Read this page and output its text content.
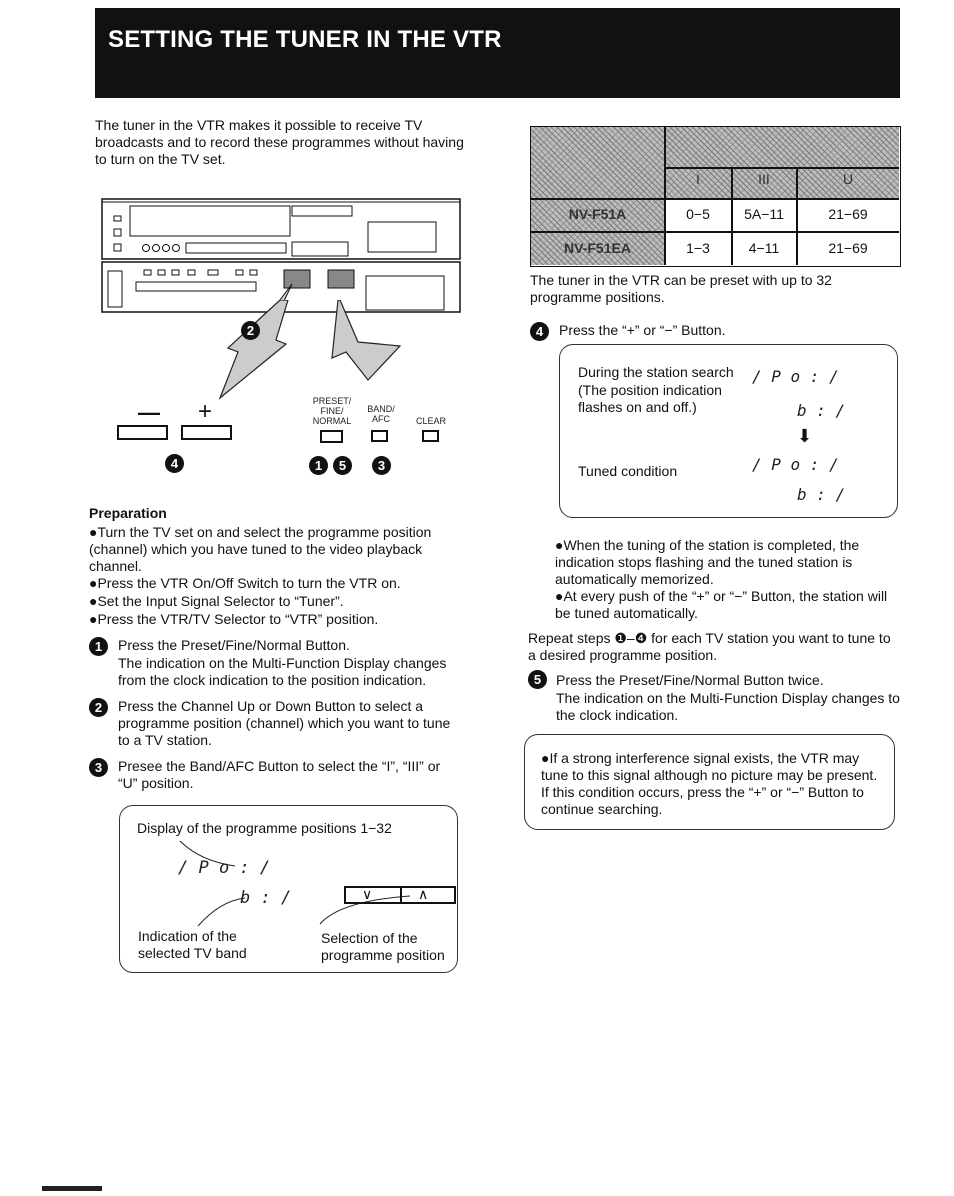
SETTING THE TUNER IN THE VTR
The tuner in the VTR makes it possible to receive TV broadcasts and to record these programmes without having to turn on the TV set.
2
— +
4
PRESET/ FINE/ NORMAL
BAND/ AFC	CLEAR
1	5	3
Preparation
●Turn the TV set on and select the programme position (channel) which you have tuned to the video playback channel.
●Press the VTR On/Off Switch to turn the VTR on.
●Set the Input Signal Selector to “Tuner”.
●Press the VTR/TV Selector to “VTR” position.
1	Press the Preset/Fine/Normal Button.
The indication on the Multi-Function Display changes from the clock indication to the position indication.
2	Press the Channel Up or Down Button to select a programme position (channel) which you want to tune to a TV station.
3	Presee the Band/AFC Button to select the “I”, “III” or “U” position.
Display of the programme positions 1−32
/ P o : /
b : /	∨	∧
Indication of the selected TV band
Selection of the programme position
I	III	U
NV-F51A	0−5	5A−11	21−69
NV-F51EA	1−3	4−11	21−69
The tuner in the VTR can be preset with up to 32 programme positions.
4	Press the “+” or “−” Button.
During the station search
(The position indication flashes on and off.)
/ P o : /
b : /
⬇
Tuned condition	/ P o : /
b : /
●When the tuning of the station is completed, the indication stops flashing and the tuned station is automatically memorized.
●At every push of the “+” or “−” Button, the station will be tuned automatically.
Repeat steps ❶–❹ for each TV station you want to tune to a desired programme position.
5	Press the Preset/Fine/Normal Button twice.
The indication on the Multi-Function Display changes to the clock indication.
●If a strong interference signal exists, the VTR may tune to this signal although no picture may be present. If this condition occurs, press the “+” or “−” Button to continue searching.
